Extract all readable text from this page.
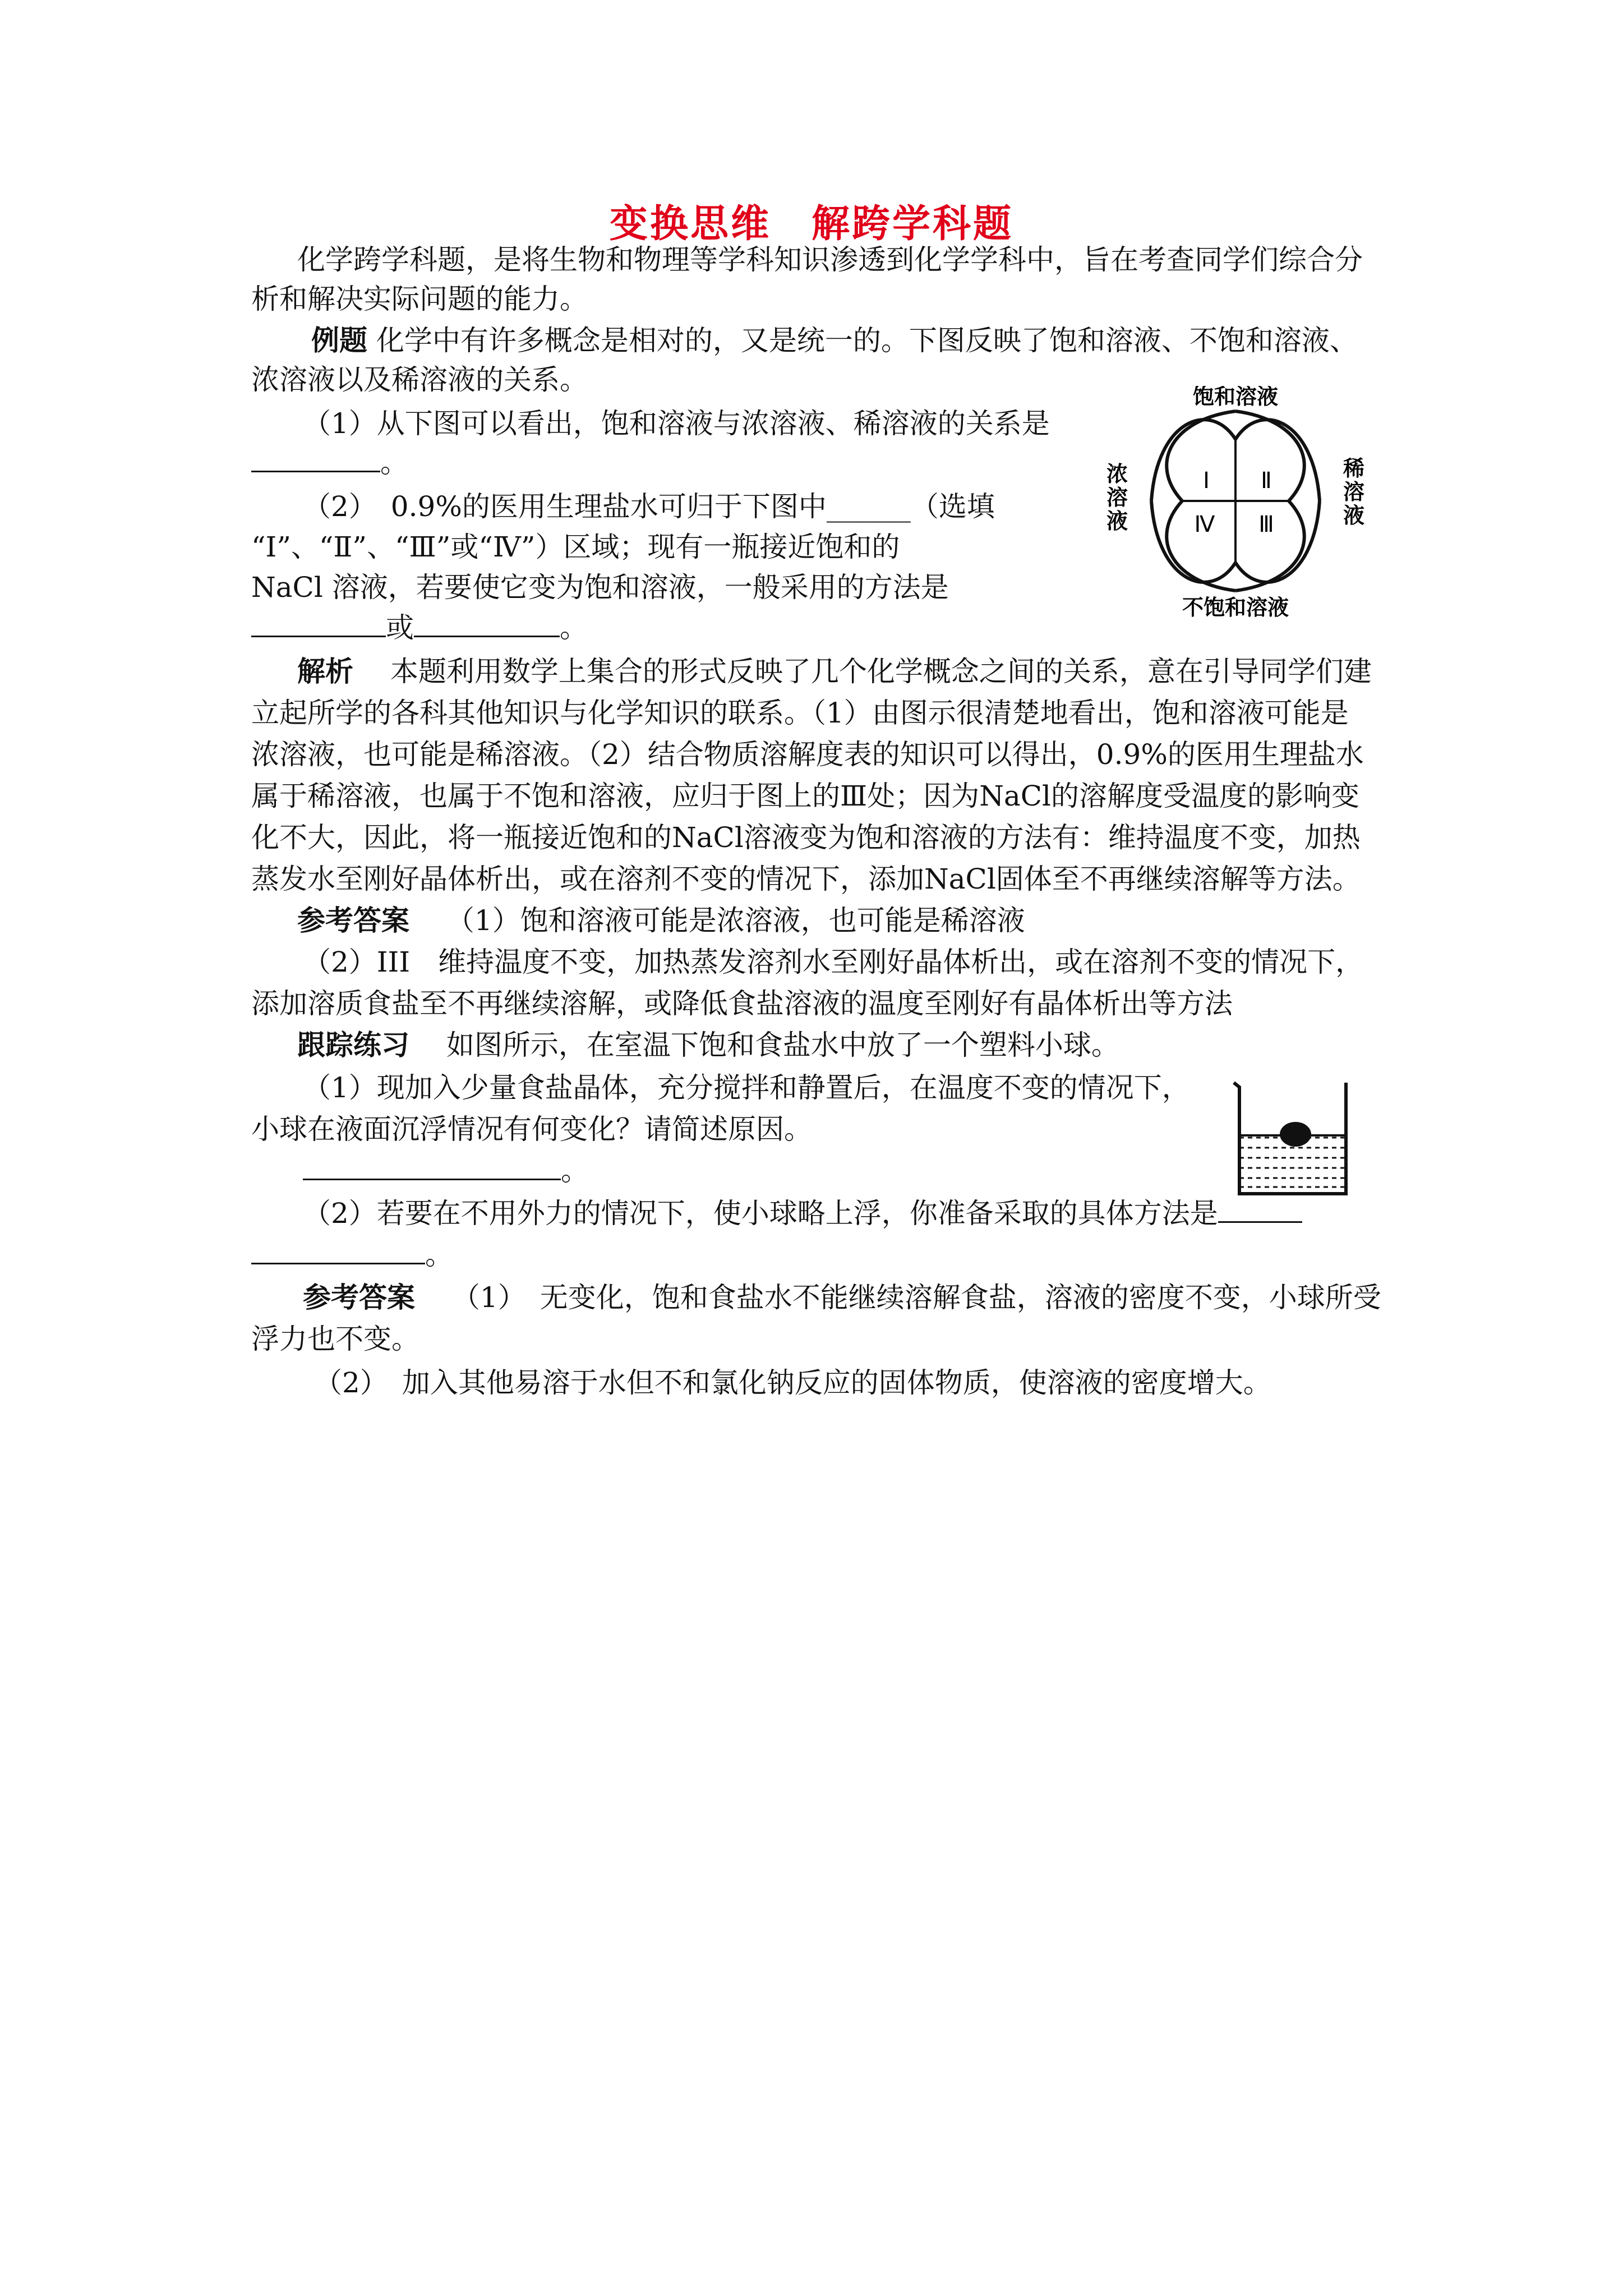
变换思维　解跨学科题
化学跨学科题，是将生物和物理等学科知识渗透到化学学科中，旨在考查同学们综合分
析和解决实际问题的能力。
例题 化学中有许多概念是相对的，又是统一的。下图反映了饱和溶液、不饱和溶液、
浓溶液以及稀溶液的关系。
（1）从下图可以看出，饱和溶液与浓溶液、稀溶液的关系是
。
（2）　0.9%的医用生理盐水可归于下图中______（选填
“Ⅰ”、“Ⅱ”、“Ⅲ”或“Ⅳ”）区域；现有一瓶接近饱和的
NaCl 溶液，若要使它变为饱和溶液，一般采用的方法是
或	。
饱和溶液
不饱和溶液
浓
溶
液
稀
溶
液
Ⅰ Ⅱ
Ⅲ
Ⅳ
解析　 本题利用数学上集合的形式反映了几个化学概念之间的关系，意在引导同学们建
立起所学的各科其他知识与化学知识的联系。（1）由图示很清楚地看出，饱和溶液可能是
浓溶液，也可能是稀溶液。（2）结合物质溶解度表的知识可以得出，0.9%的医用生理盐水
属于稀溶液，也属于不饱和溶液，应归于图上的Ⅲ处；因为NaCl的溶解度受温度的影响变
化不大，因此，将一瓶接近饱和的NaCl溶液变为饱和溶液的方法有：维持温度不变，加热
蒸发水至刚好晶体析出，或在溶剂不变的情况下，添加NaCl固体至不再继续溶解等方法。
参考答案　 （1）饱和溶液可能是浓溶液，也可能是稀溶液
（2）III　维持温度不变，加热蒸发溶剂水至刚好晶体析出，或在溶剂不变的情况下，
添加溶质食盐至不再继续溶解，或降低食盐溶液的温度至刚好有晶体析出等方法
跟踪练习　 如图所示，在室温下饱和食盐水中放了一个塑料小球。
（1）现加入少量食盐晶体，充分搅拌和静置后，在温度不变的情况下，
小球在液面沉浮情况有何变化？请简述原因。
。
（2）若要在不用外力的情况下，使小球略上浮，你准备采取的具体方法是
。
参考答案　 （1）　无变化，饱和食盐水不能继续溶解食盐，溶液的密度不变，小球所受
浮力也不变。
（2）　加入其他易溶于水但不和氯化钠反应的固体物质，使溶液的密度增大。
